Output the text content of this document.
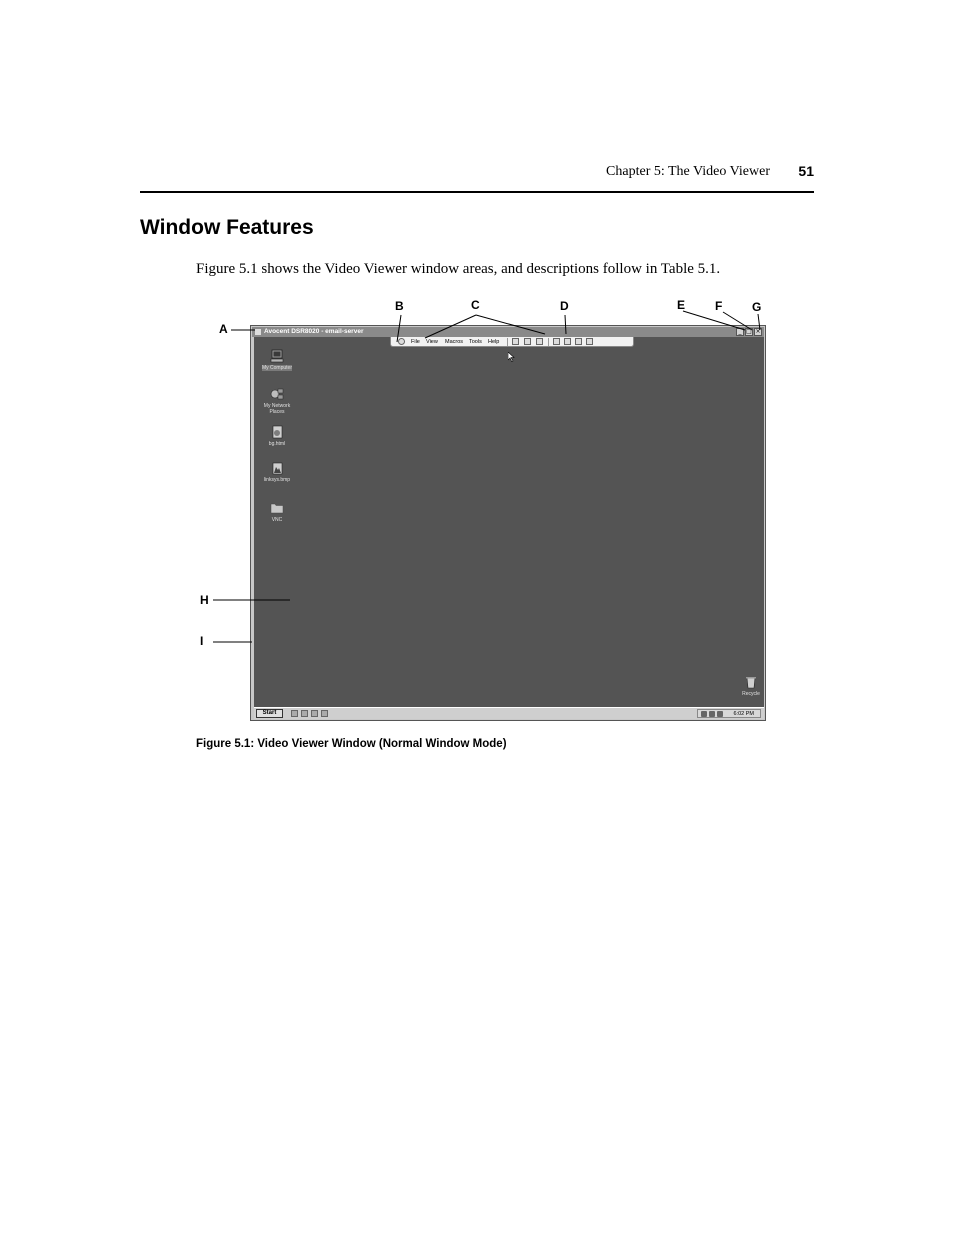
Chapter 5: The Video Viewer	51
Window Features
Figure 5.1 shows the Video Viewer window areas, and descriptions follow in Table 5.1.
Avocent DSR8020 - email-server	_ □ ×
File View Macros Tools Help
My Computer
My Network Places
bg.html
linksys.bmp
VNC
Recycle
Start	6:02 PM
A
B	C	D	E F G
H
I
Figure 5.1: Video Viewer Window (Normal Window Mode)
